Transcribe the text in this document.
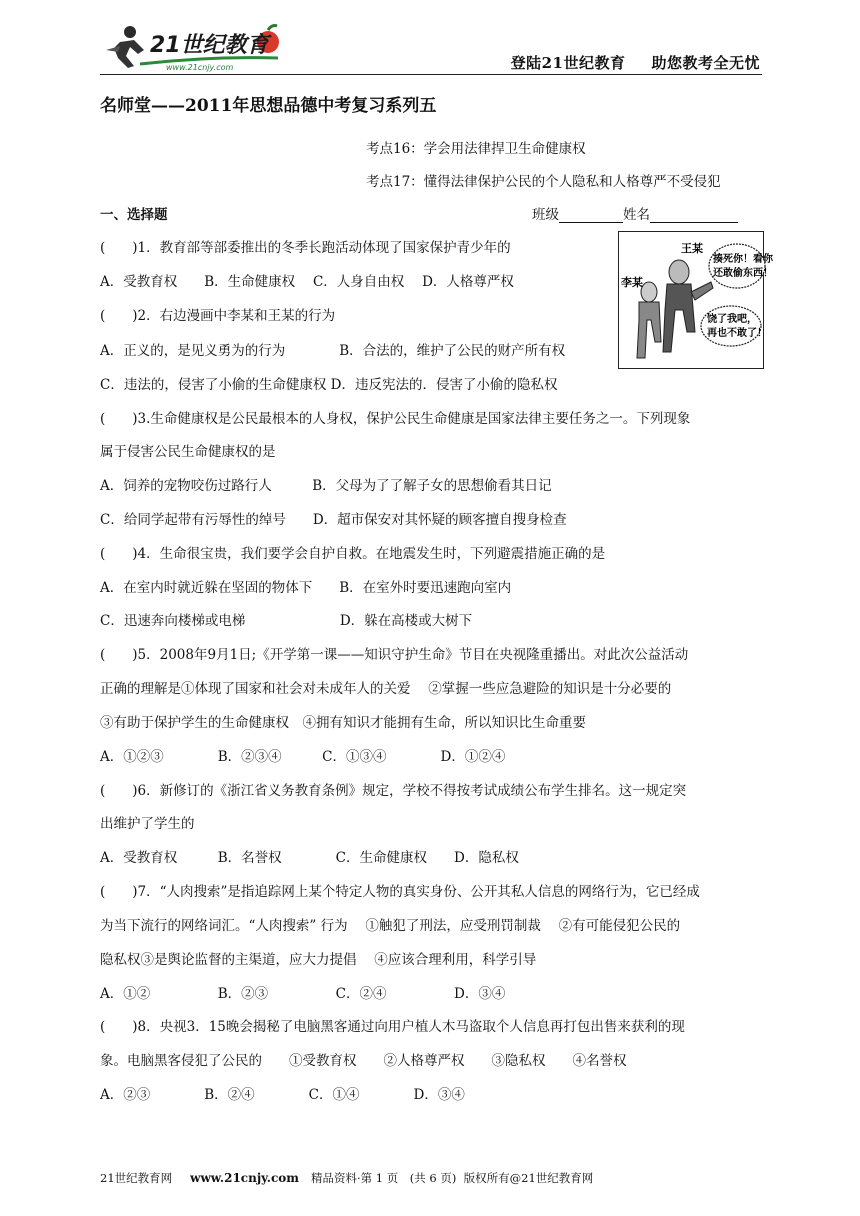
21世纪教育
www.21cnjy.com	登陆21世纪教育 助您教考全无忧
名师堂——2011年思想品德中考复习系列五
考点16：学会用法律捍卫生命健康权
考点17：懂得法律保护公民的个人隐私和人格尊严不受侵犯
一、选择题	班级	姓名
王某
李某
揍死你！看你
还敢偷东西！
饶了我吧，
再也不敢了！
(　　)1．教育部等部委推出的冬季长跑活动体现了国家保护青少年的
A．受教育权　　B．生命健康权　 C．人身自由权　 D．人格尊严权
(　　)2．右边漫画中李某和王某的行为
A．正义的，是见义勇为的行为　　　　B．合法的，维护了公民的财产所有权
C．违法的，侵害了小偷的生命健康权 D．违反宪法的．侵害了小偷的隐私权
(　　)3.生命健康权是公民最根本的人身权，保护公民生命健康是国家法律主要任务之一。下列现象
属于侵害公民生命健康权的是
A．饲养的宠物咬伤过路行人　　　B．父母为了了解子女的思想偷看其日记
C．给同学起带有污辱性的绰号　　D．超市保安对其怀疑的顾客擅自搜身检查
(　　)4．生命很宝贵，我们要学会自护自救。在地震发生时，下列避震措施正确的是
A．在室内时就近躲在坚固的物体下　　B．在室外时要迅速跑向室内
C．迅速奔向楼梯或电梯　　　　　　　D．躲在高楼或大树下
(　　)5．2008年9月1日;《开学第一课——知识守护生命》节目在央视隆重播出。对此次公益活动
正确的理解是①体现了国家和社会对未成年人的关爱　 ②掌握一些应急避险的知识是十分必要的
③有助于保护学生的生命健康权　④拥有知识才能拥有生命，所以知识比生命重要
A．①②③　　　　B．②③④　　　C．①③④　　　　D．①②④
(　　)6．新修订的《浙江省义务教育条例》规定，学校不得按考试成绩公布学生排名。这一规定突
出维护了学生的
A．受教育权　　　B．名誉权　　　　C．生命健康权　　D．隐私权
(　　)7．“人肉搜索”是指追踪网上某个特定人物的真实身份、公开其私人信息的网络行为，它已经成
为当下流行的网络词汇。“人肉搜索” 行为　 ①触犯了刑法，应受刑罚制裁　 ②有可能侵犯公民的
隐私权③是舆论监督的主渠道，应大力提倡　 ④应该合理利用，科学引导
A．①②　　　　　B．②③　　　　　C．②④　　　　　D．③④
(　　)8．央视3．15晚会揭秘了电脑黑客通过向用户植人木马盗取个人信息再打包出售来获利的现
象。电脑黑客侵犯了公民的　　①受教育权　　②人格尊严权　　③隐私权　　④名誉权
A．②③　　　　B．②④　　　　C．①④　　　　D．③④
21世纪教育网 www.21cnjy.com 精品资料·第 1 页　(共 6 页) 版权所有@21世纪教育网
